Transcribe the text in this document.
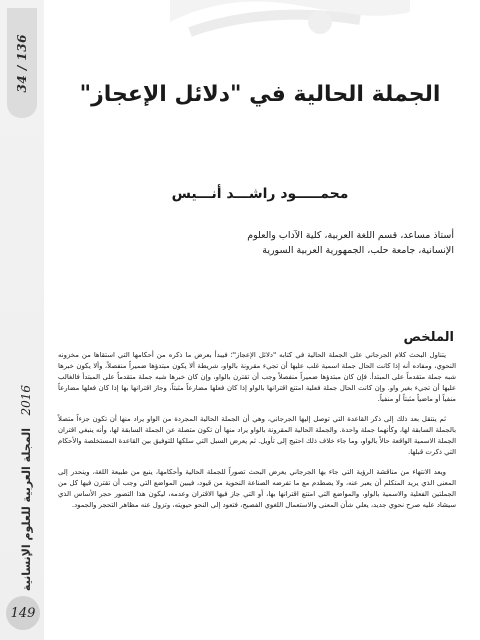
34 / 136
2016
المجلة العربية للعلوم الإنسانية
149
الجملة الحالية في "دلائل الإعجاز"
محمـــــود راشـــد أنـــيس
أستاذ مساعد، قسم اللغة العربية، كلية الآداب والعلوم
الإنسانية، جامعة حلب، الجمهورية العربية السورية
الملخص

يتناول البحث كلام الجرجاني على الجملة الحالية في كتابه "دلائل الإعجاز"؛ فيبدأ بعرض ما ذكره من أحكامها التي استقاها من مخزونه النحوي، ومفاده أنه إذا كانت الحال جملة اسمية غلب عليها أن تجيء مقرونة بالواو، شريطة ألا يكون مبتدؤها ضميراً منفصلاً، وألا يكون خبرها شبه جملة متقدماً على المبتدأ. فإن كان مبتدؤها ضميراً منفصلاً وجب أن تقترن بالواو، وإن كان خبرها شبه جملة متقدماً على المبتدأ فالغالب عليها أن تجيء بغير واو. وإن كانت الحال جملة فعلية امتنع اقترانها بالواو إذا كان فعلها مضارعاً مثبتاً، وجاز اقترانها بها إذا كان فعلها مضارعاً منفياً أو ماضياً مثبتاً أو منفياً.

ثم ينتقل بعد ذلك إلى ذكر القاعدة التي توصل إليها الجرجاني، وهي أن الجملة الحالية المجردة من الواو يراد منها أن تكون جزءاً متصلاً بالجملة السابقة لها، وكأنهما جملة واحدة. والجملة الحالية المقرونة بالواو يراد منها أن تكون متصلة عن الجملة السابقة لها، وأنه ينبغي اقتران الجملة الاسمية الواقعة حالاً بالواو، وما جاء خلاف ذلك احتيج إلى تأويل. ثم يعرض السبل التي سلكها للتوفيق بين القاعدة المستخلصة والأحكام التي ذكرت قبلها.

ويعد الانتهاء من مناقشة الرؤية التي جاء بها الجرجاني يعرض البحث تصوراً للجملة الحالية وأحكامها، ينبع من طبيعة اللغة، وينحدر إلى المعنى الذي يريد المتكلم أن يعبر عنه، ولا يصطدم مع ما تفرضه الصناعة النحوية من قيود، فيبين المواضع التي وجب أن تقترن فيها كل من الجملتين الفعلية والاسمية بالواو، والمواضع التي امتنع اقترانها بها، أو التي جاز فيها الاقتران وعدمه، ليكون هذا التصور حجر الأساس الذي سيشاد عليه صرح نحوي جديد، يعلي شأن المعنى والاستعمال اللغوي الفصيح، فتعود إلى النحو حيويته، وتزول عنه مظاهر التحجر والجمود.
